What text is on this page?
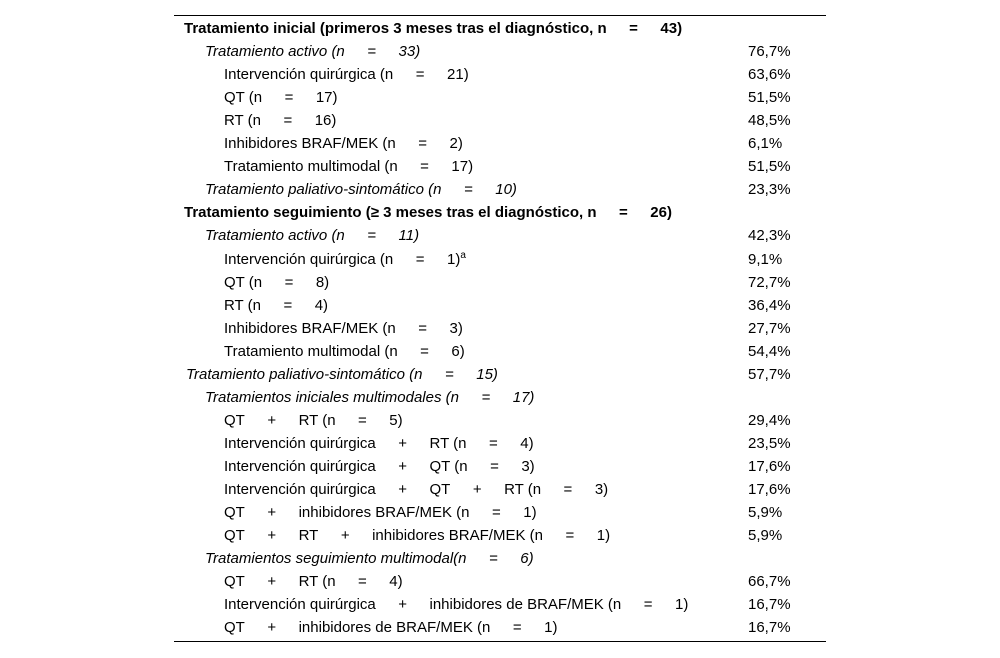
Tratamiento inicial (primeros 3 meses tras el diagnóstico, n   =   43)
Tratamiento activo (n   =   33)	76,7%
Intervención quirúrgica (n   =   21)	63,6%
QT (n   =   17)	51,5%
RT (n   =   16)	48,5%
Inhibidores BRAF/MEK (n   =   2)	6,1%
Tratamiento multimodal (n   =   17)	51,5%
Tratamiento paliativo-sintomático (n   =   10)	23,3%
Tratamiento seguimiento (≥ 3 meses tras el diagnóstico, n   =   26)
Tratamiento activo (n   =   11)	42,3%
Intervención quirúrgica (n   =   1)$^a$	9,1%
QT (n   =   8)	72,7%
RT (n   =   4)	36,4%
Inhibidores BRAF/MEK (n   =   3)	27,7%
Tratamiento multimodal (n   =   6)	54,4%
Tratamiento paliativo-sintomático (n   =   15)	57,7%
Tratamientos iniciales multimodales (n   =   17)
QT   +   RT (n   =   5)	29,4%
Intervención quirúrgica   +   RT (n   =   4)	23,5%
Intervención quirúrgica   +   QT (n   =   3)	17,6%
Intervención quirúrgica   +   QT   +   RT (n   =   3)	17,6%
QT   +   inhibidores BRAF/MEK (n   =   1)	5,9%
QT   +   RT   +   inhibidores BRAF/MEK (n   =   1)	5,9%
Tratamientos seguimiento multimodal(n   =   6)
QT   +   RT (n   =   4)	66,7%
Intervención quirúrgica   +   inhibidores de BRAF/MEK (n   =   1)	16,7%
QT   +   inhibidores de BRAF/MEK (n   =   1)	16,7%
